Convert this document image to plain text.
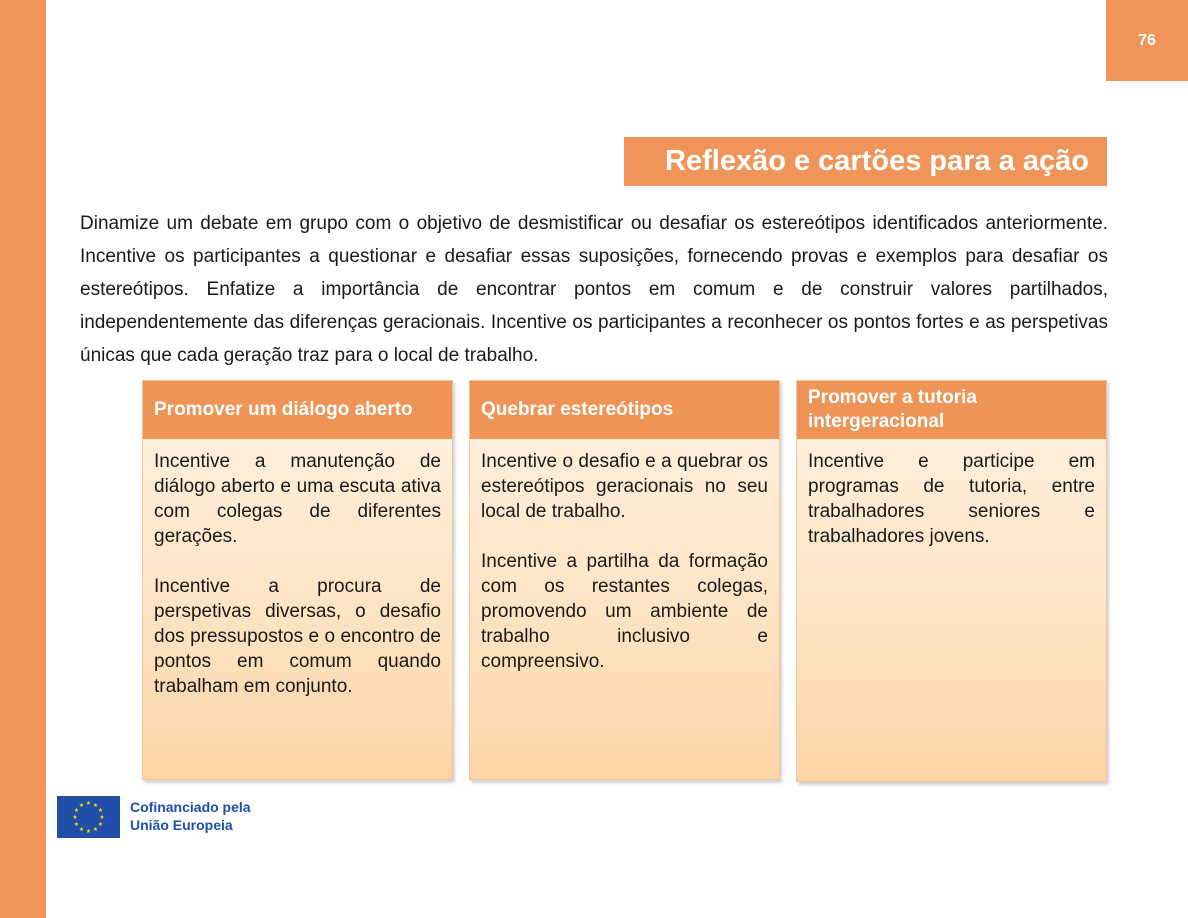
76
Reflexão e cartões para a ação

Dinamize um debate em grupo com o objetivo de desmistificar ou desafiar os estereótipos identificados anteriormente. Incentive os participantes a questionar e desafiar essas suposições, fornecendo provas e exemplos para desafiar os estereótipos. Enfatize a importância de encontrar pontos em comum e de construir valores partilhados, independentemente das diferenças geracionais. Incentive os participantes a reconhecer os pontos fortes e as perspetivas únicas que cada geração traz para o local de trabalho.

Promover um diálogo aberto

Incentive a manutenção de diálogo aberto e uma escuta ativa com colegas de diferentes gerações.

Incentive a procura de perspetivas diversas, o desafio dos pressupostos e o encontro de pontos em comum quando trabalham em conjunto.

Quebrar estereótipos

Incentive o desafio e a quebrar os estereótipos geracionais no seu local de trabalho.

Incentive a partilha da formação com os restantes colegas, promovendo um ambiente de trabalho inclusivo e compreensivo.

Promover a tutoria intergeracional

Incentive e participe em programas de tutoria, entre trabalhadores seniores e trabalhadores jovens.

★ ★
★
★
★
★
★
★
★
★
★
★	Cofinanciado pela
União Europeia
